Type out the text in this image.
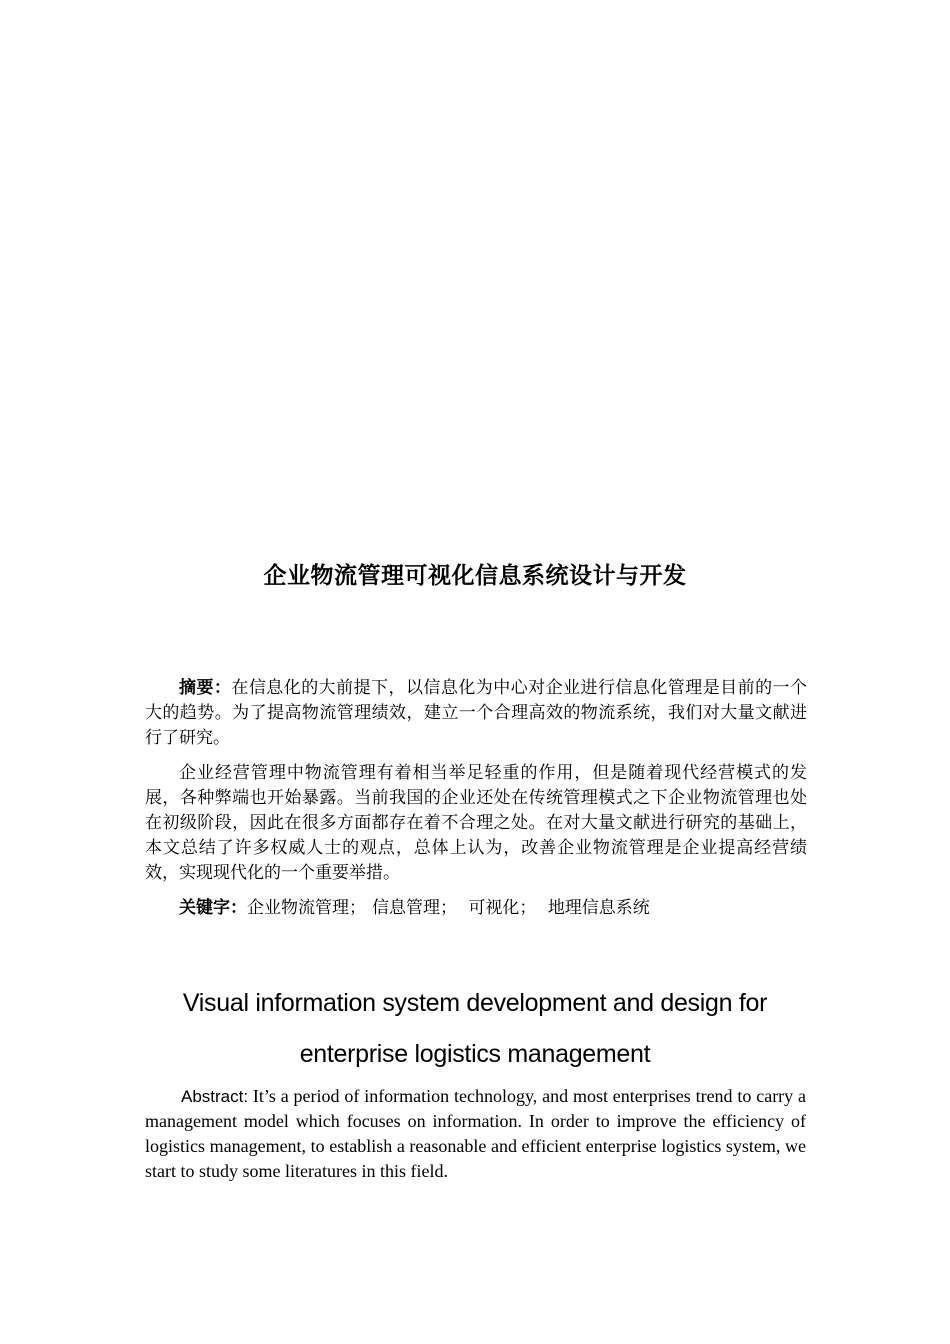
企业物流管理可视化信息系统设计与开发

摘要：在信息化的大前提下，以信息化为中心对企业进行信息化管理是目前的一个大的趋势。为了提高物流管理绩效，建立一个合理高效的物流系统，我们对大量文献进行了研究。

企业经营管理中物流管理有着相当举足轻重的作用，但是随着现代经营模式的发展，各种弊端也开始暴露。当前我国的企业还处在传统管理模式之下企业物流管理也处在初级阶段，因此在很多方面都存在着不合理之处。在对大量文献进行研究的基础上，本文总结了许多权威人士的观点，总体上认为，改善企业物流管理是企业提高经营绩效，实现现代化的一个重要举措。

关键字：企业物流管理； 信息管理； 可视化； 地理信息系统

Visual information system development and design for
enterprise logistics management

Abstract: It’s a period of information technology, and most enterprises trend to carry a management model which focuses on information. In order to improve the efficiency of logistics management, to establish a reasonable and efficient enterprise logistics system, we start to study some literatures in this field.
